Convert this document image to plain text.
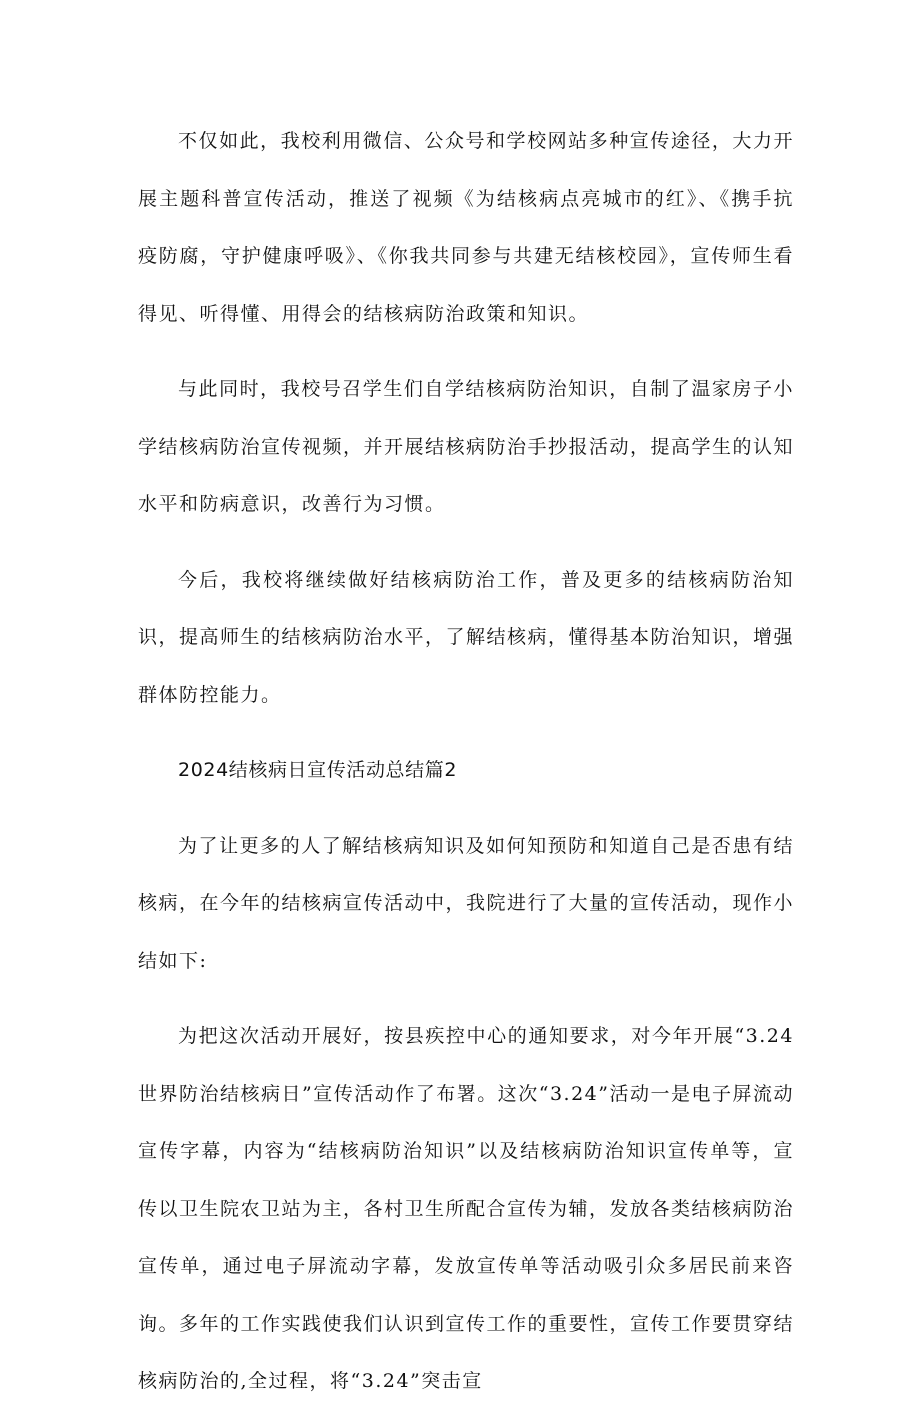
不仅如此，我校利用微信、公众号和学校网站多种宣传途径，大力开展主题科普宣传活动，推送了视频《为结核病点亮城市的红》、《携手抗疫防腐，守护健康呼吸》、《你我共同参与共建无结核校园》，宣传师生看得见、听得懂、用得会的结核病防治政策和知识。

与此同时，我校号召学生们自学结核病防治知识，自制了温家房子小学结核病防治宣传视频，并开展结核病防治手抄报活动，提高学生的认知水平和防病意识，改善行为习惯。

今后，我校将继续做好结核病防治工作，普及更多的结核病防治知识，提高师生的结核病防治水平，了解结核病，懂得基本防治知识，增强群体防控能力。

2024结核病日宣传活动总结篇2

为了让更多的人了解结核病知识及如何知预防和知道自己是否患有结核病，在今年的结核病宣传活动中，我院进行了大量的宣传活动，现作小结如下:

为把这次活动开展好，按县疾控中心的通知要求，对今年开展“3.24世界防治结核病日”宣传活动作了布署。这次“3.24”活动一是电子屏流动宣传字幕，内容为“结核病防治知识”以及结核病防治知识宣传单等，宣传以卫生院农卫站为主，各村卫生所配合宣传为辅，发放各类结核病防治宣传单，通过电子屏流动字幕，发放宣传单等活动吸引众多居民前来咨询。多年的工作实践使我们认识到宣传工作的重要性，宣传工作要贯穿结核病防治的,全过程，将“3.24”突击宣
